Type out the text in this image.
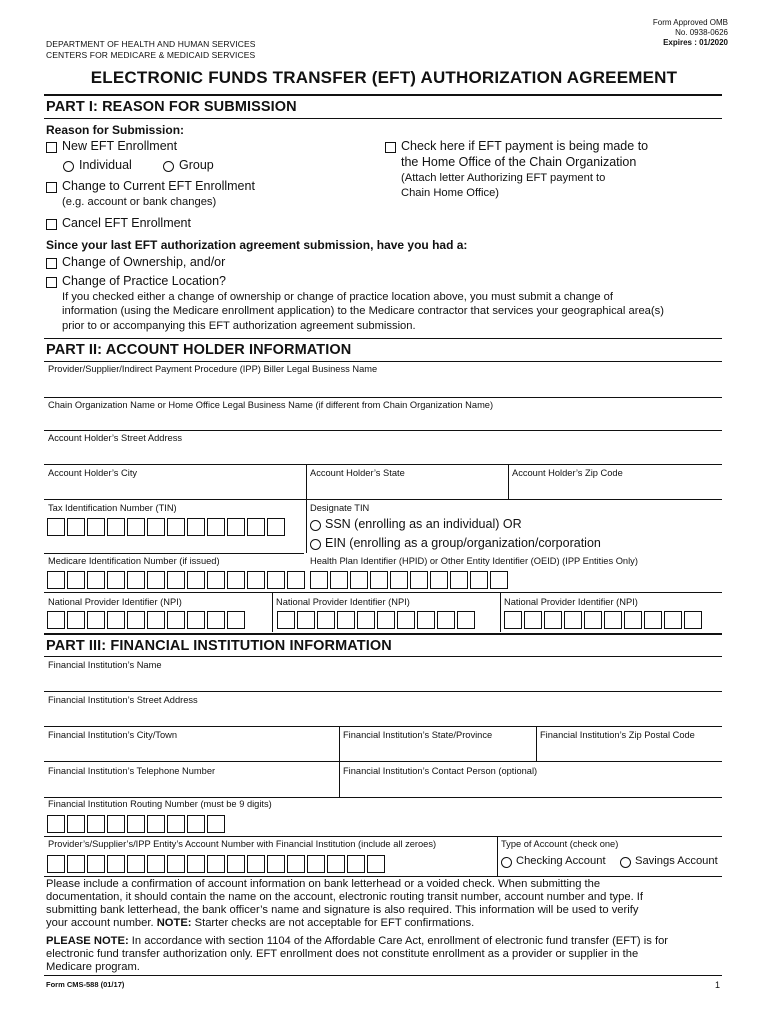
DEPARTMENT OF HEALTH AND HUMAN SERVICES
CENTERS FOR MEDICARE & MEDICAID SERVICES
Form Approved OMB
No. 0938-0626
Expires : 01/2020
ELECTRONIC FUNDS TRANSFER (EFT) AUTHORIZATION AGREEMENT
PART I: REASON FOR SUBMISSION
Reason for Submission:
New EFT Enrollment
Individual	Group
Change to Current EFT Enrollment
(e.g. account or bank changes)
Cancel EFT Enrollment
Check here if EFT payment is being made to
the Home Office of the Chain Organization
(Attach letter Authorizing EFT payment to
Chain Home Office)
Since your last EFT authorization agreement submission, have you had a:
Change of Ownership, and/or
Change of Practice Location?
If you checked either a change of ownership or change of practice location above, you must submit a change of
information (using the Medicare enrollment application) to the Medicare contractor that services your geographical area(s)
prior to or accompanying this EFT authorization agreement submission.
PART II: ACCOUNT HOLDER INFORMATION
Provider/Supplier/Indirect Payment Procedure (IPP) Biller Legal Business Name
Chain Organization Name or Home Office Legal Business Name (if different from Chain Organization Name)
Account Holder’s Street Address
Account Holder’s City	Account Holder’s State	Account Holder’s Zip Code
Tax Identification Number (TIN)	Designate TIN
SSN (enrolling as an individual) OR
EIN (enrolling as a group/organization/corporation
Medicare Identification Number (if issued)	Health Plan Identifier (HPID) or Other Entity Identifier (OEID) (IPP Entities Only)
National Provider Identifier (NPI)	National Provider Identifier (NPI)	National Provider Identifier (NPI)
PART III: FINANCIAL INSTITUTION INFORMATION
Financial Institution’s Name
Financial Institution’s Street Address
Financial Institution’s City/Town	Financial Institution’s State/Province	Financial Institution’s Zip Postal Code
Financial Institution’s Telephone Number	Financial Institution’s Contact Person (optional)
Financial Institution Routing Number (must be 9 digits)
Provider’s/Supplier’s/IPP Entity’s Account Number with Financial Institution (include all zeroes)	Type of Account (check one)
Checking Account	Savings Account
Please include a confirmation of account information on bank letterhead or a voided check. When submitting the
documentation, it should contain the name on the account, electronic routing transit number, account number and type. If
submitting bank letterhead, the bank officer’s name and signature is also required. This information will be used to verify
your account number. NOTE: Starter checks are not acceptable for EFT confirmations.
PLEASE NOTE: In accordance with section 1104 of the Affordable Care Act, enrollment of electronic fund transfer (EFT) is for
electronic fund transfer authorization only. EFT enrollment does not constitute enrollment as a provider or supplier in the
Medicare program.
Form CMS-588 (01/17)	1
